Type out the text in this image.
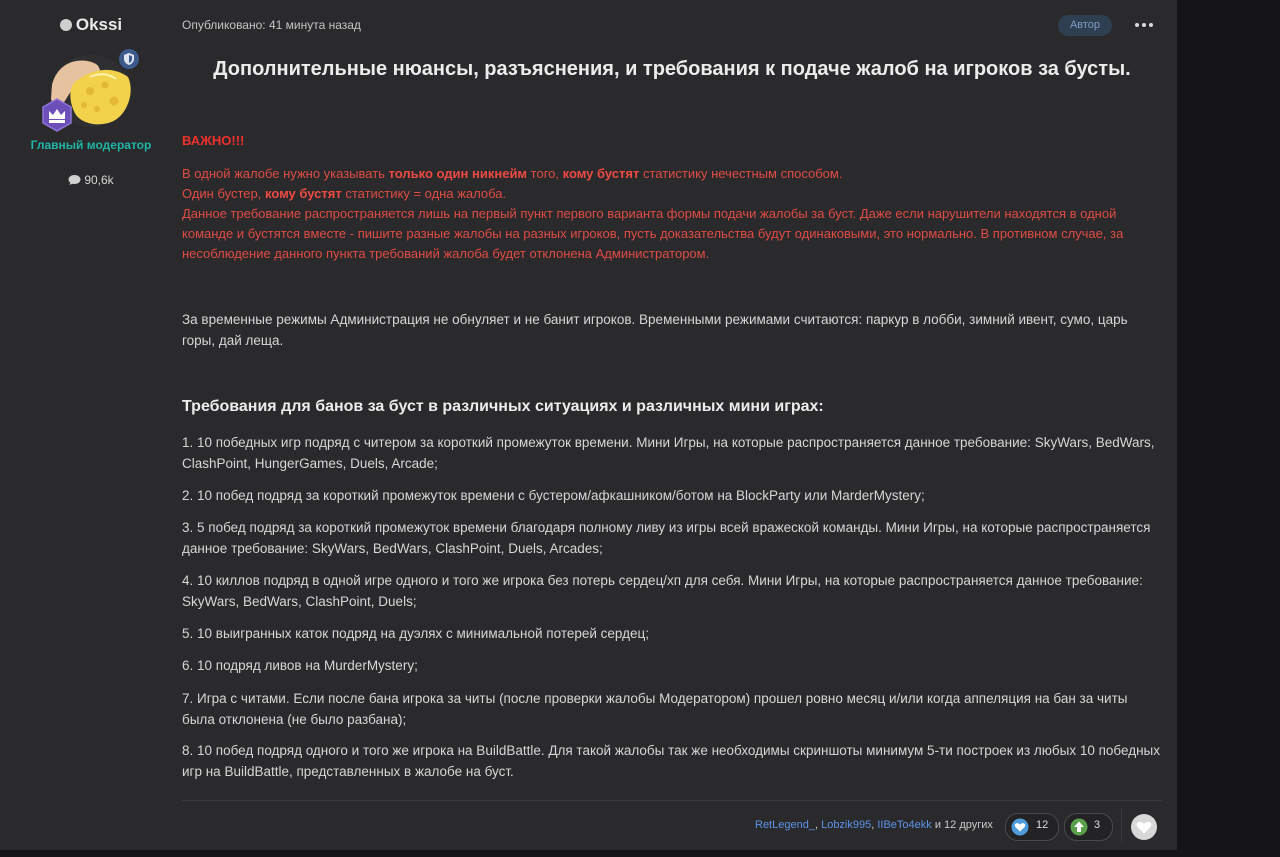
Okssi
Главный модератор
90,6k
Опубликовано: 41 минута назад	Автор
Дополнительные нюансы, разъяснения, и требования к подаче жалоб на игроков за бусты.
ВАЖНО!!!
В одной жалобе нужно указывать только один никнейм того, кому бустят статистику нечестным способом.
Один бустер, кому бустят статистику = одна жалоба.
Данное требование распространяется лишь на первый пункт первого варианта формы подачи жалобы за буст. Даже если нарушители находятся в одной команде и бустятся вместе - пишите разные жалобы на разных игроков, пусть доказательства будут одинаковыми, это нормально. В противном случае, за несоблюдение данного пункта требований жалоба будет отклонена Администратором.
За временные режимы Администрация не обнуляет и не банит игроков. Временными режимами считаются: паркур в лобби, зимний ивент, сумо, царь горы, дай леща.
Требования для банов за буст в различных ситуациях и различных мини играх:
1. 10 победных игр подряд с читером за короткий промежуток времени. Мини Игры, на которые распространяется данное требование: SkyWars, BedWars, ClashPoint, HungerGames, Duels, Arcade;
2. 10 побед подряд за короткий промежуток времени с бустером/афкашником/ботом на BlockParty или MarderMystery;
3. 5 побед подряд за короткий промежуток времени благодаря полному ливу из игры всей вражеской команды. Мини Игры, на которые распространяется данное требование: SkyWars, BedWars, ClashPoint, Duels, Arcades;
4. 10 киллов подряд в одной игре одного и того же игрока без потерь сердец/хп для себя. Мини Игры, на которые распространяется данное требование: SkyWars, BedWars, ClashPoint, Duels;
5. 10 выигранных каток подряд на дуэлях с минимальной потерей сердец;
6. 10 подряд ливов на MurderMystery;
7. Игра с читами. Если после бана игрока за читы (после проверки жалобы Модератором) прошел ровно месяц и/или когда аппеляция на бан за читы была отклонена (не было разбана);
8. 10 побед подряд одного и того же игрока на BuildBattle. Для такой жалобы так же необходимы скриншоты минимум 5-ти построек из любых 10 победных игр на BuildBattle, представленных в жалобе на буст.
RetLegend_, Lobzik995, IIBeTo4ekk и 12 других	12	3
